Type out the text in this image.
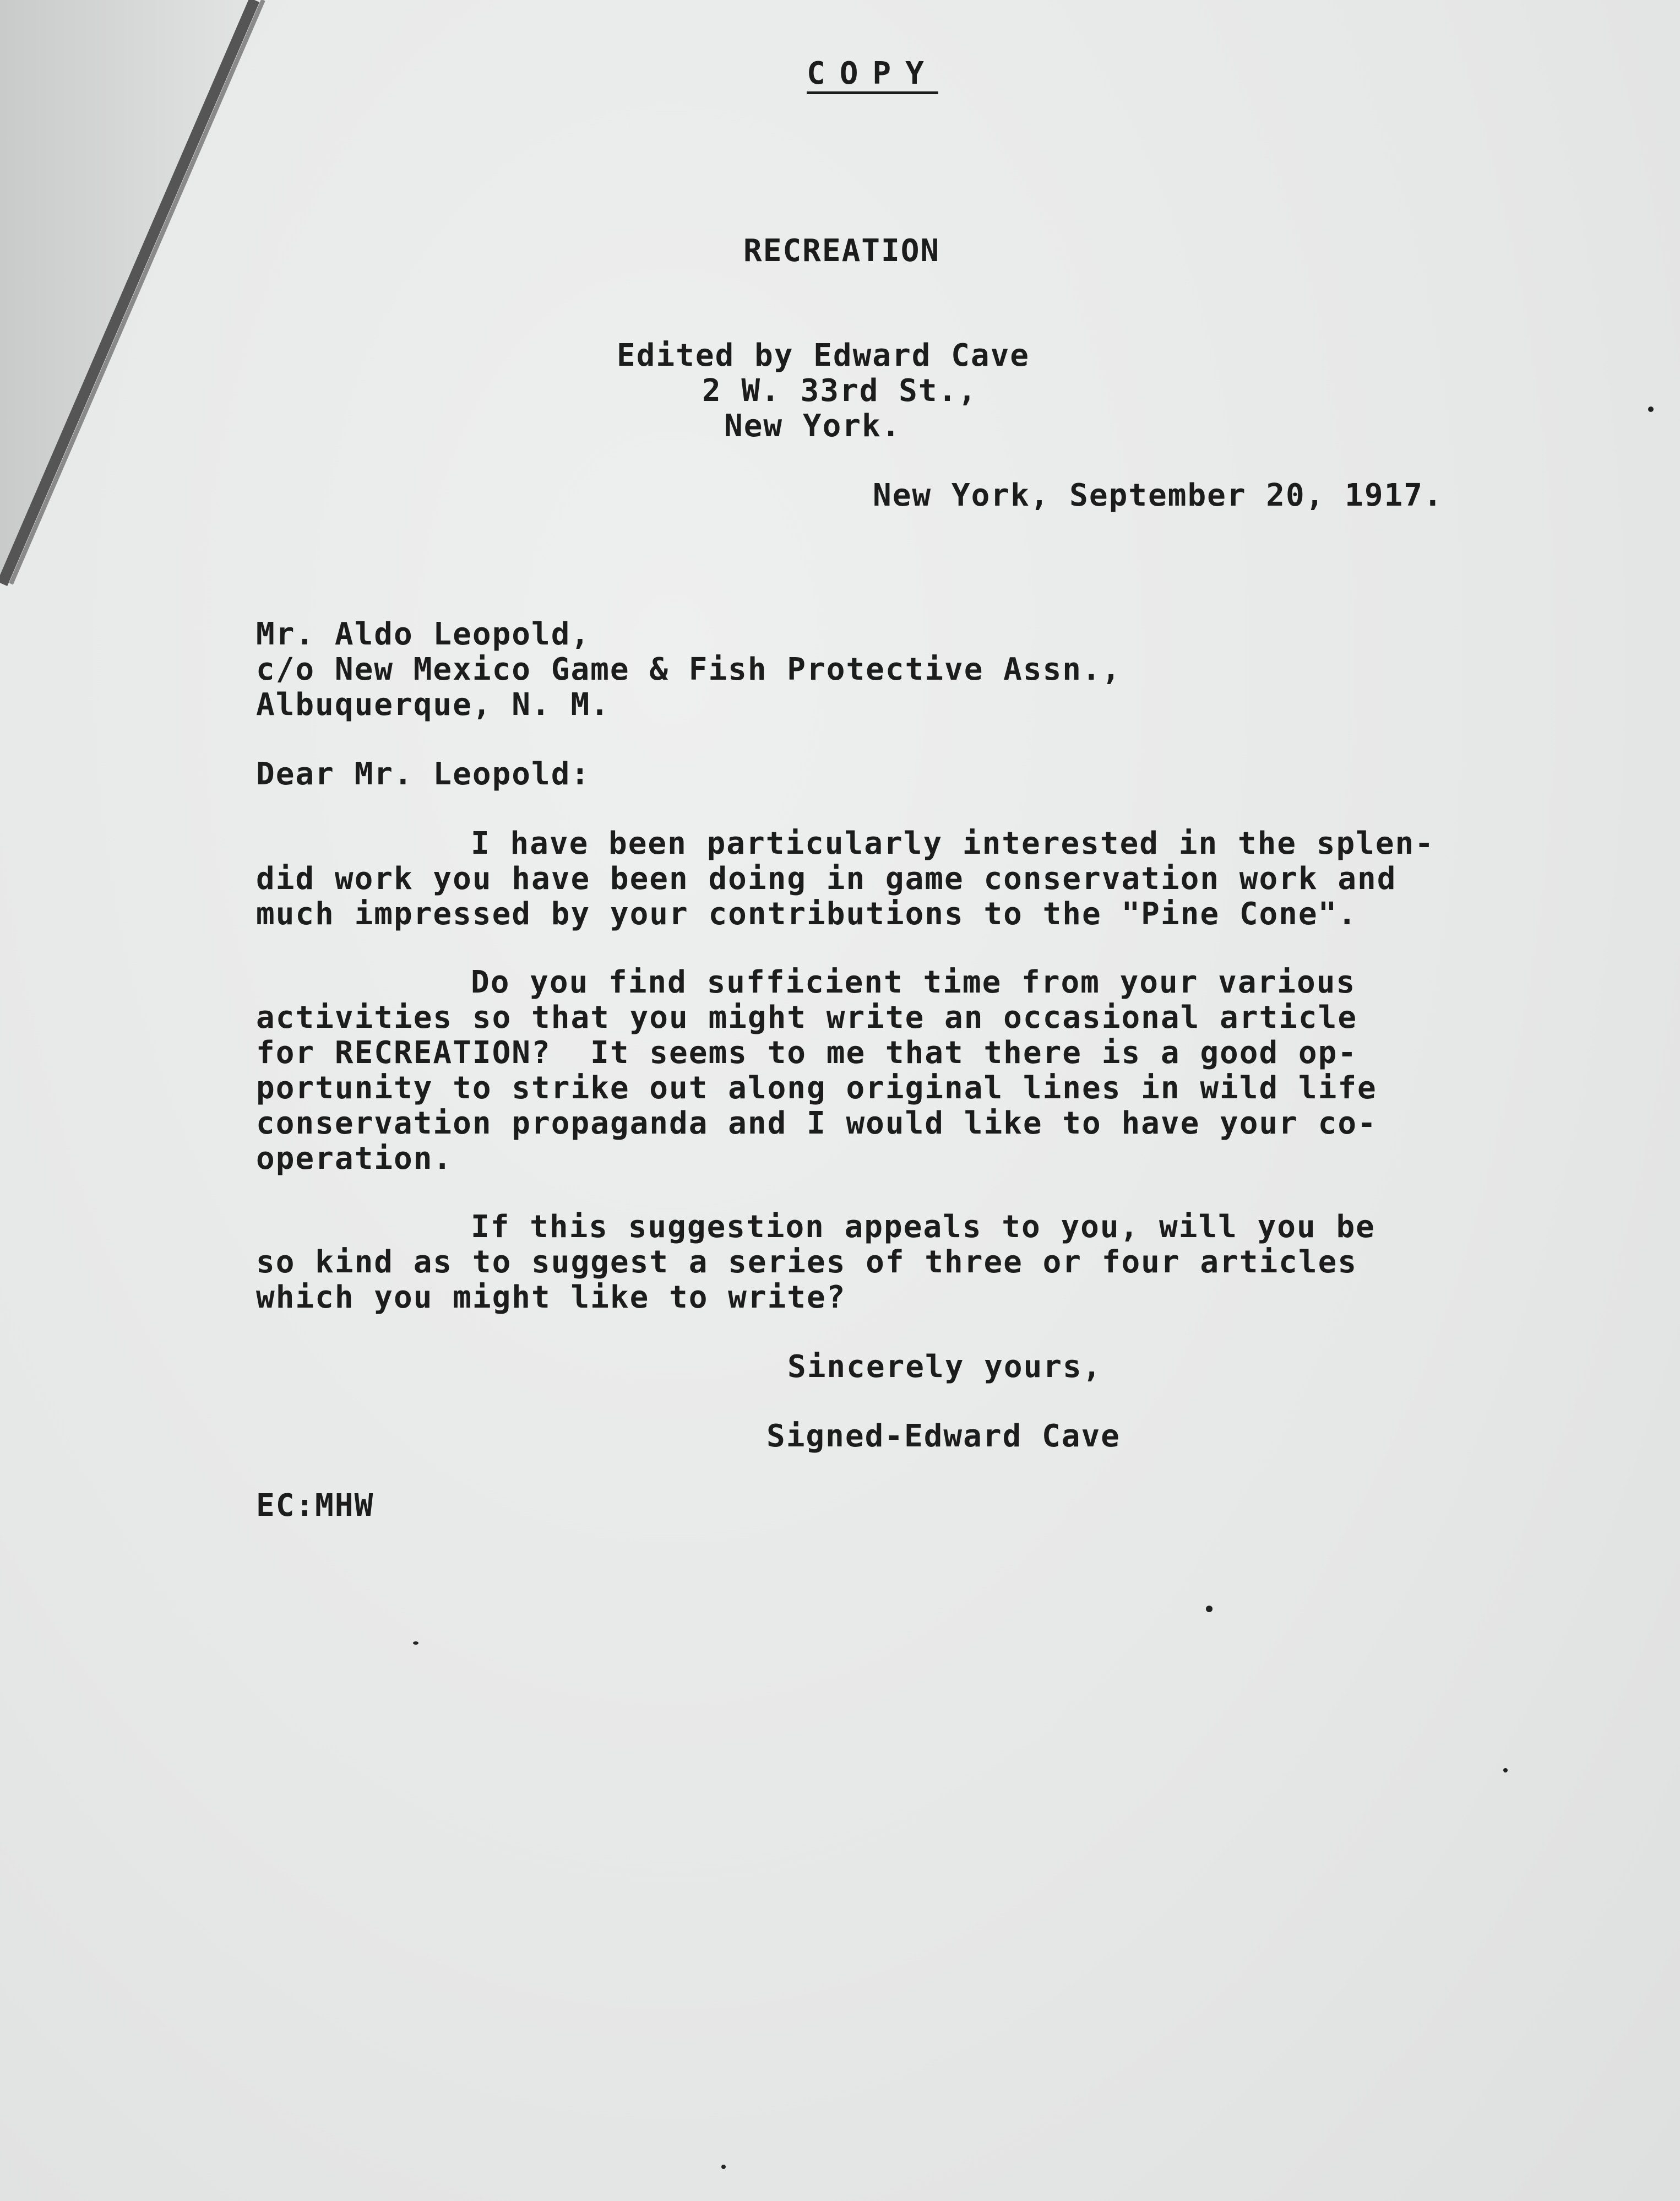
COPY
RECREATION
Edited by Edward Cave
2 W. 33rd St.,
New York.
New York, September 20, 1917.
Mr. Aldo Leopold,
c/o New Mexico Game & Fish Protective Assn.,
Albuquerque, N. M.
Dear Mr. Leopold:
I have been particularly interested in the splen-
did work you have been doing in game conservation work and
much impressed by your contributions to the "Pine Cone".
Do you find sufficient time from your various
activities so that you might write an occasional article
for RECREATION?  It seems to me that there is a good op-
portunity to strike out along original lines in wild life
conservation propaganda and I would like to have your co-
operation.
If this suggestion appeals to you, will you be
so kind as to suggest a series of three or four articles
which you might like to write?
Sincerely yours,
Signed-Edward Cave
EC:MHW
